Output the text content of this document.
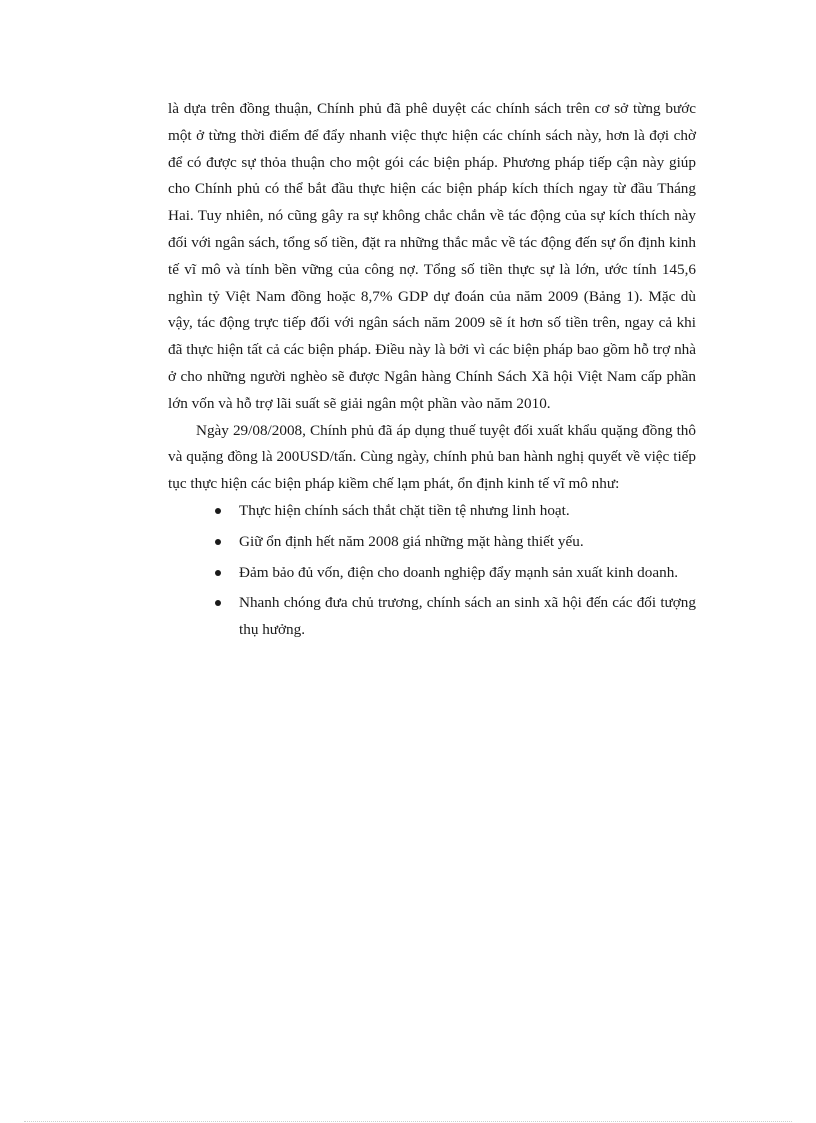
là dựa trên đồng thuận, Chính phủ đã phê duyệt các chính sách trên cơ sở từng bước một ở từng thời điểm để đẩy nhanh việc thực hiện các chính sách này, hơn là đợi chờ để có được sự thỏa thuận cho một gói các biện pháp. Phương pháp tiếp cận này giúp cho Chính phủ có thể bắt đầu thực hiện các biện pháp kích thích ngay từ đầu Tháng Hai. Tuy nhiên, nó cũng gây ra sự không chắc chắn về tác động của sự kích thích này đối với ngân sách, tổng số tiền, đặt ra những thắc mắc về tác động đến sự ổn định kinh tế vĩ mô và tính bền vững của công nợ. Tổng số tiền thực sự là lớn, ước tính 145,6 nghìn tỷ Việt Nam đồng hoặc 8,7% GDP dự đoán của năm 2009 (Bảng 1). Mặc dù vậy, tác động trực tiếp đối với ngân sách năm 2009 sẽ ít hơn số tiền trên, ngay cả khi đã thực hiện tất cả các biện pháp. Điều này là bởi vì các biện pháp bao gồm hỗ trợ nhà ở cho những người nghèo sẽ được Ngân hàng Chính Sách Xã hội Việt Nam cấp phần lớn vốn và hỗ trợ lãi suất sẽ giải ngân một phần vào năm 2010.

Ngày 29/08/2008, Chính phủ đã áp dụng thuế tuyệt đối xuất khẩu quặng đồng thô và quặng đồng là 200USD/tấn. Cùng ngày, chính phủ ban hành nghị quyết về việc tiếp tục thực hiện các biện pháp kiềm chế lạm phát, ổn định kinh tế vĩ mô như:

Thực hiện chính sách thắt chặt tiền tệ nhưng linh hoạt.
Giữ ổn định hết năm 2008 giá những mặt hàng thiết yếu.
Đảm bảo đủ vốn, điện cho doanh nghiệp đẩy mạnh sản xuất kinh doanh.
Nhanh chóng đưa chủ trương, chính sách an sinh xã hội đến các đối tượng thụ hưởng.
